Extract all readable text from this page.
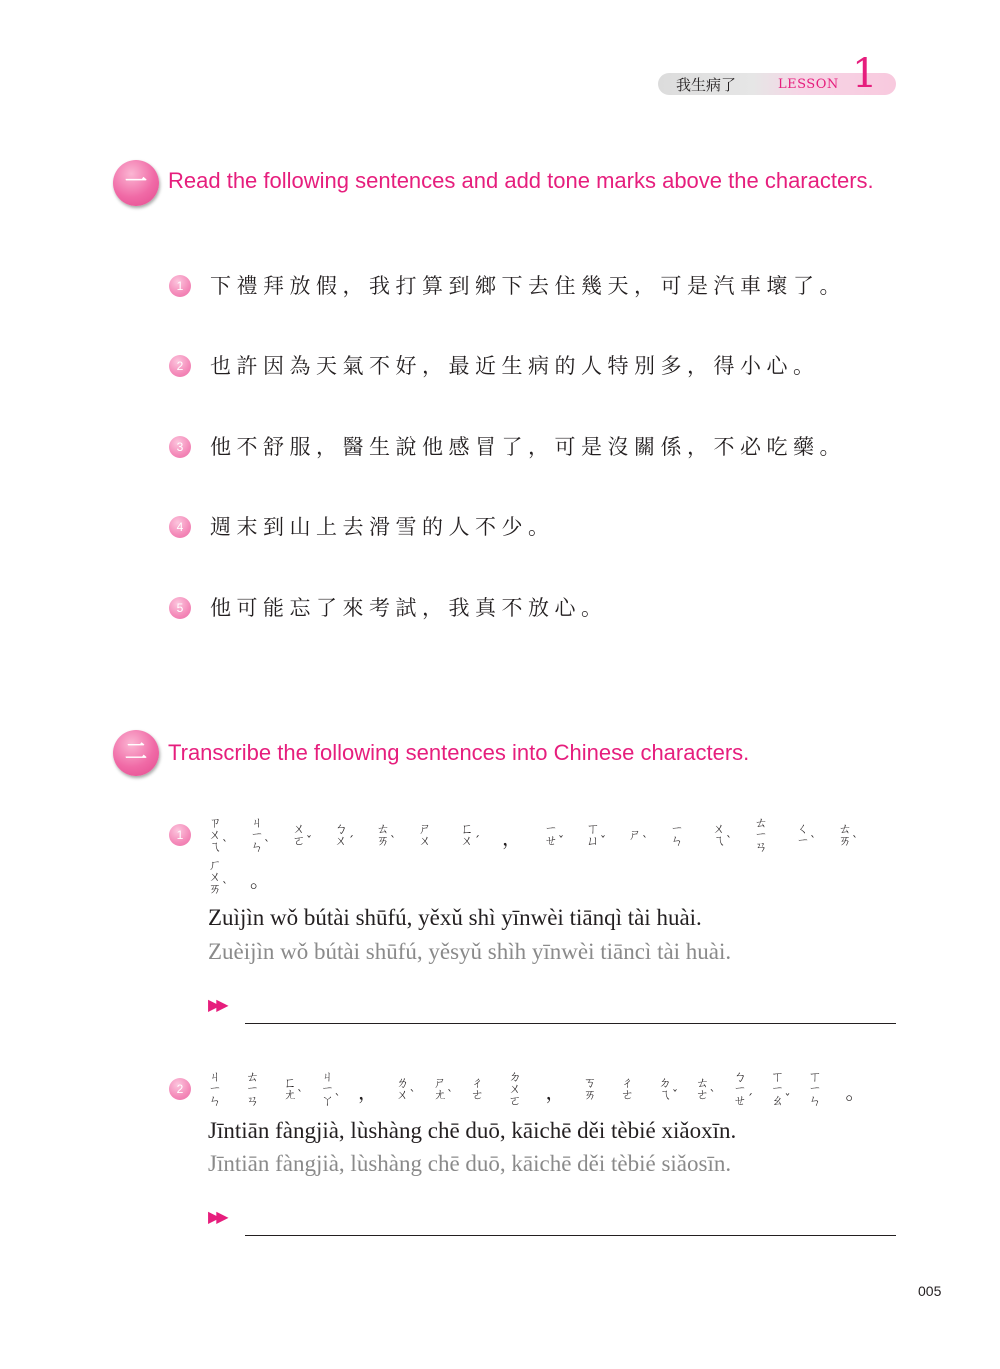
我生病了	LESSON 1
一 Read the following sentences and add tone marks above the characters.
1	下禮拜放假，我打算到鄉下去住幾天，可是汽車壞了。
2	也許因為天氣不好，最近生病的人特別多，得小心。
3	他不舒服，醫生說他感冒了，可是沒關係，不必吃藥。
4	週末到山上去滑雪的人不少。
5	他可能忘了來考試，我真不放心。
二 Transcribe the following sentences into Chinese characters.
1
ㄗ
ㄨ
ㄟ ˋ
ㄐ
ㄧ
ㄣ ˋ
ㄨ
ㄛ ˇ
ㄅ
ㄨ ˊ
ㄊ
ㄞ ˋ
ㄕ
ㄨ
ㄈ
ㄨ ˊ ， ㄧ
ㄝ ˇ
ㄒ
ㄩ ˇ ㄕ ˋ
ㄧ
ㄣ
ㄨ
ㄟ ˋ
ㄊ
ㄧ
ㄢ
ㄑ
ㄧ ˋ
ㄊ
ㄞ ˋ
ㄏ
ㄨ
ㄞ ˋ 。
Zuìjìn wǒ bútài shūfú, yěxǔ shì yīnwèi tiānqì tài huài.
Zuèijìn wǒ bútài shūfú, yěsyǔ shìh yīnwèi tiāncì tài huài.
▶▶
2
ㄐ
ㄧ
ㄣ
ㄊ
ㄧ
ㄢ
ㄈ
ㄤ ˋ
ㄐ
ㄧ
ㄚ ˋ ， ㄌ
ㄨ ˋ
ㄕ
ㄤ ˋ
ㄔ
ㄜ
ㄉ
ㄨ
ㄛ ， ㄎ
ㄞ
ㄔ
ㄜ
ㄉ
ㄟ ˇ
ㄊ
ㄜ ˋ
ㄅ
ㄧ
ㄝ ˊ
ㄒ
ㄧ
ㄠ ˇ
ㄒ
ㄧ
ㄣ 。
Jīntiān fàngjià, lùshàng chē duō, kāichē děi tèbié xiǎoxīn.
Jīntiān fàngjià, lùshàng chē duō, kāichē děi tèbié siǎosīn.
▶▶
005
